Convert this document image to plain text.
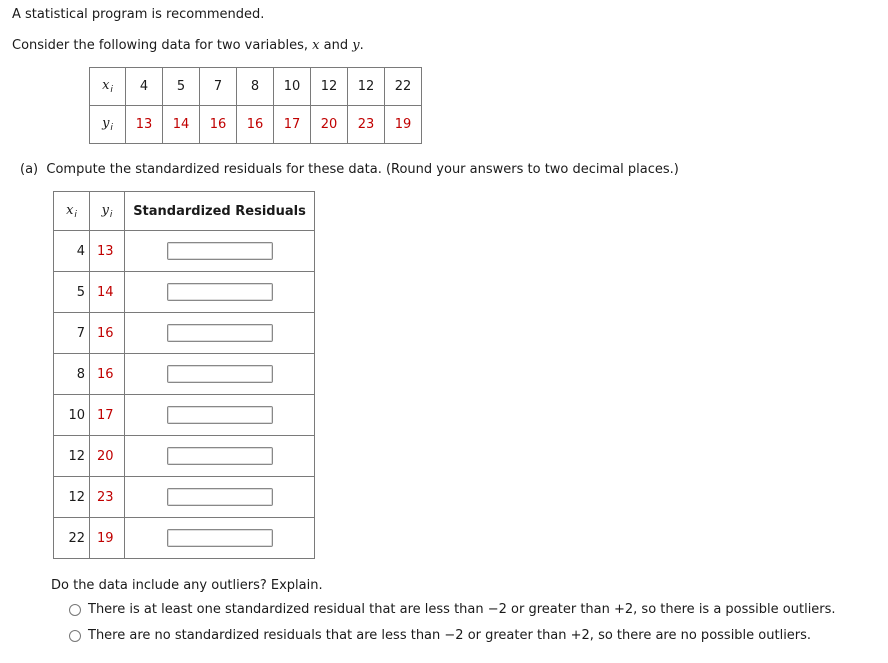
A statistical program is recommended.
Consider the following data for two variables, x and y.
$x_i$	4	5	7	8	10	12	12	22
$y_i$	13	14	16	16	17	20	23	19
(a) Compute the standardized residuals for these data. (Round your answers to two decimal places.)
$x_i$	$y_i$	Standardized Residuals
4	13	
5	14	
7	16	
8	16	
10	17	
12	20	
12	23	
22	19	
Do the data include any outliers? Explain.
There is at least one standardized residual that are less than −2 or greater than +2, so there is a possible outliers.
There are no standardized residuals that are less than −2 or greater than +2, so there are no possible outliers.
